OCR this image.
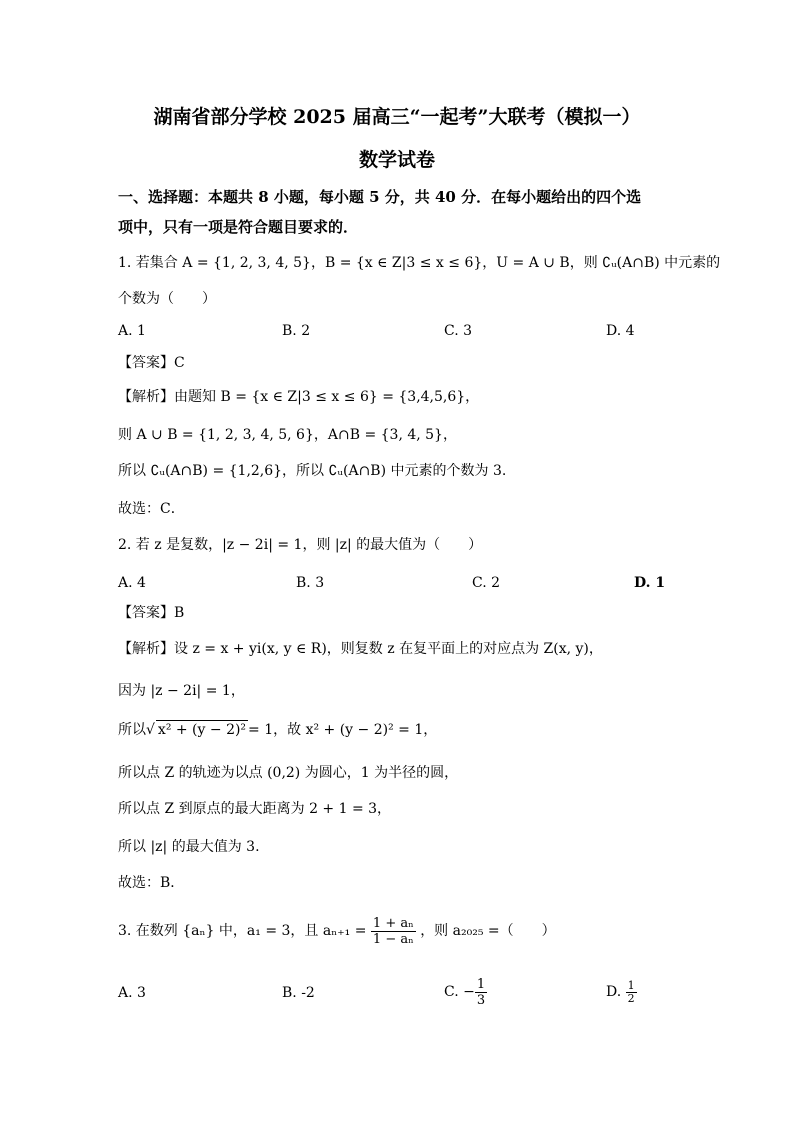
湖南省部分学校 2025 届高三“一起考”大联考（模拟一）
数学试卷
一、选择题：本题共 8 小题，每小题 5 分，共 40 分．在每小题给出的四个选
项中，只有一项是符合题目要求的．
1. 若集合 A = {1, 2, 3, 4, 5}，B = {x ∈ Z|3 ≤ x ≤ 6}，U = A ∪ B，则 ∁ᵤ(A∩B) 中元素的
个数为（　　）
A. 1	B. 2	C. 3	D. 4
【答案】C
【解析】由题知 B = {x ∈ Z|3 ≤ x ≤ 6} = {3,4,5,6}，
则 A ∪ B = {1, 2, 3, 4, 5, 6}，A∩B = {3, 4, 5}，
所以 ∁ᵤ(A∩B) = {1,2,6}，所以 ∁ᵤ(A∩B) 中元素的个数为 3.
故选：C．
2. 若 z 是复数，|z − 2i| = 1，则 |z| 的最大值为（　　）
A. 4	B. 3	C. 2	D. 1
【答案】B
【解析】设 z = x + yi(x, y ∈ R)，则复数 z 在复平面上的对应点为 Z(x, y)，
因为 |z − 2i| = 1，
所以√ x² + (y − 2)² = 1，故 x² + (y − 2)² = 1，
所以点 Z 的轨迹为以点 (0,2) 为圆心，1 为半径的圆，
所以点 Z 到原点的最大距离为 2 + 1 = 3，
所以 |z| 的最大值为 3.
故选：B．
3. 在数列 {aₙ} 中，a₁ = 3，且 $a_{n+1} = \frac{\text{1 + aₙ}}{\text{1 − aₙ}}$ ，则 a₂₀₂₅ =（　　）
A. 3	B. -2	C. − $\frac{1}{3}$	D. $\frac{1}{2}$
